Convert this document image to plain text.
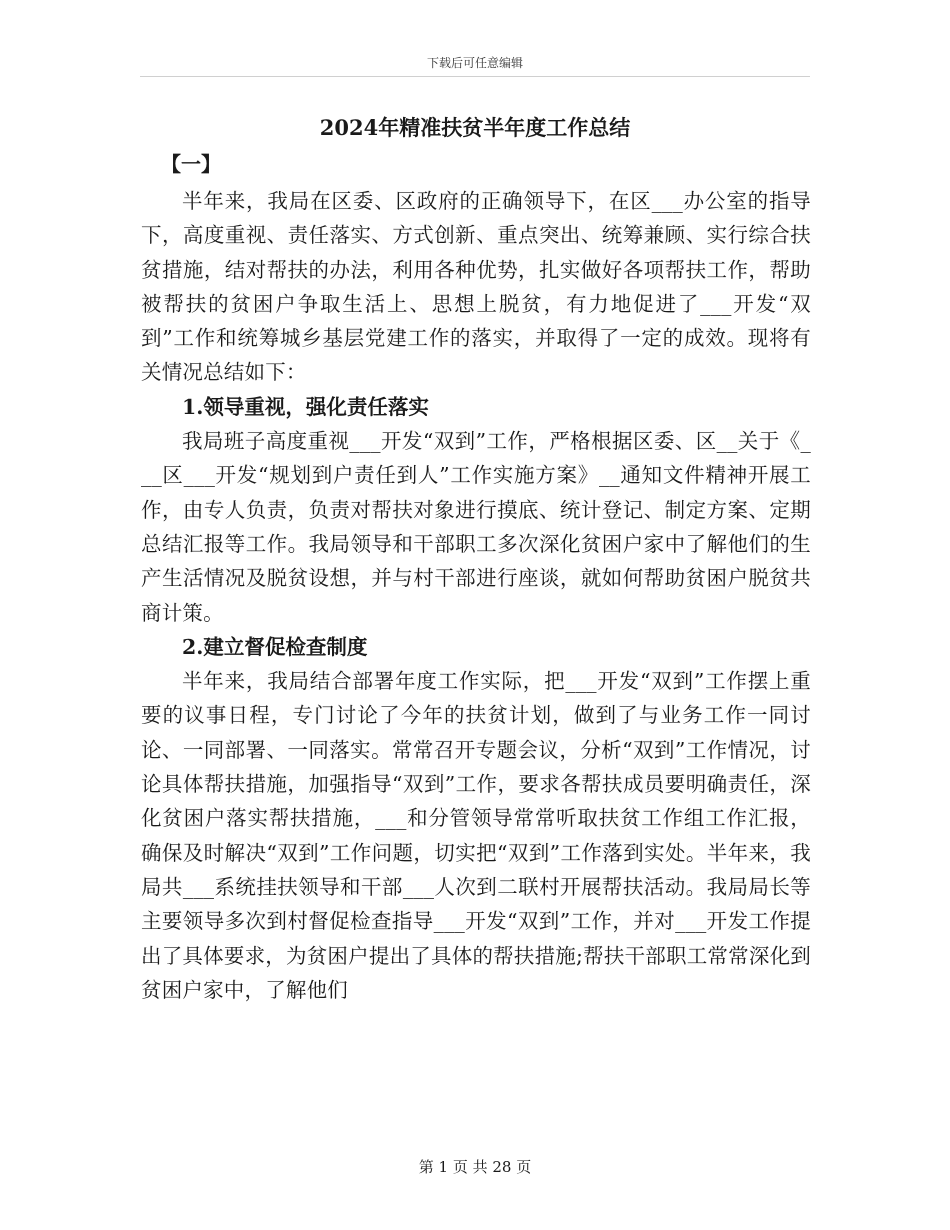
下载后可任意编辑
2024年精准扶贫半年度工作总结
【一】

半年来，我局在区委、区政府的正确领导下，在区___办公室的指导下，高度重视、责任落实、方式创新、重点突出、统筹兼顾、实行综合扶贫措施，结对帮扶的办法，利用各种优势，扎实做好各项帮扶工作，帮助被帮扶的贫困户争取生活上、思想上脱贫，有力地促进了___开发“双到”工作和统筹城乡基层党建工作的落实，并取得了一定的成效。现将有关情况总结如下：

1.领导重视，强化责任落实

我局班子高度重视___开发“双到”工作，严格根据区委、区__关于《___区___开发“规划到户责任到人”工作实施方案》__通知文件精神开展工作，由专人负责，负责对帮扶对象进行摸底、统计登记、制定方案、定期总结汇报等工作。我局领导和干部职工多次深化贫困户家中了解他们的生产生活情况及脱贫设想，并与村干部进行座谈，就如何帮助贫困户脱贫共商计策。

2.建立督促检查制度

半年来，我局结合部署年度工作实际，把___开发“双到”工作摆上重要的议事日程，专门讨论了今年的扶贫计划，做到了与业务工作一同讨论、一同部署、一同落实。常常召开专题会议，分析“双到”工作情况，讨论具体帮扶措施，加强指导“双到”工作，要求各帮扶成员要明确责任，深化贫困户落实帮扶措施，___和分管领导常常听取扶贫工作组工作汇报，确保及时解决“双到”工作问题，切实把“双到”工作落到实处。半年来，我局共___系统挂扶领导和干部___人次到二联村开展帮扶活动。我局局长等主要领导多次到村督促检查指导___开发“双到”工作，并对___开发工作提出了具体要求，为贫困户提出了具体的帮扶措施;帮扶干部职工常常深化到贫困户家中，了解他们

第 1 页 共 28 页
